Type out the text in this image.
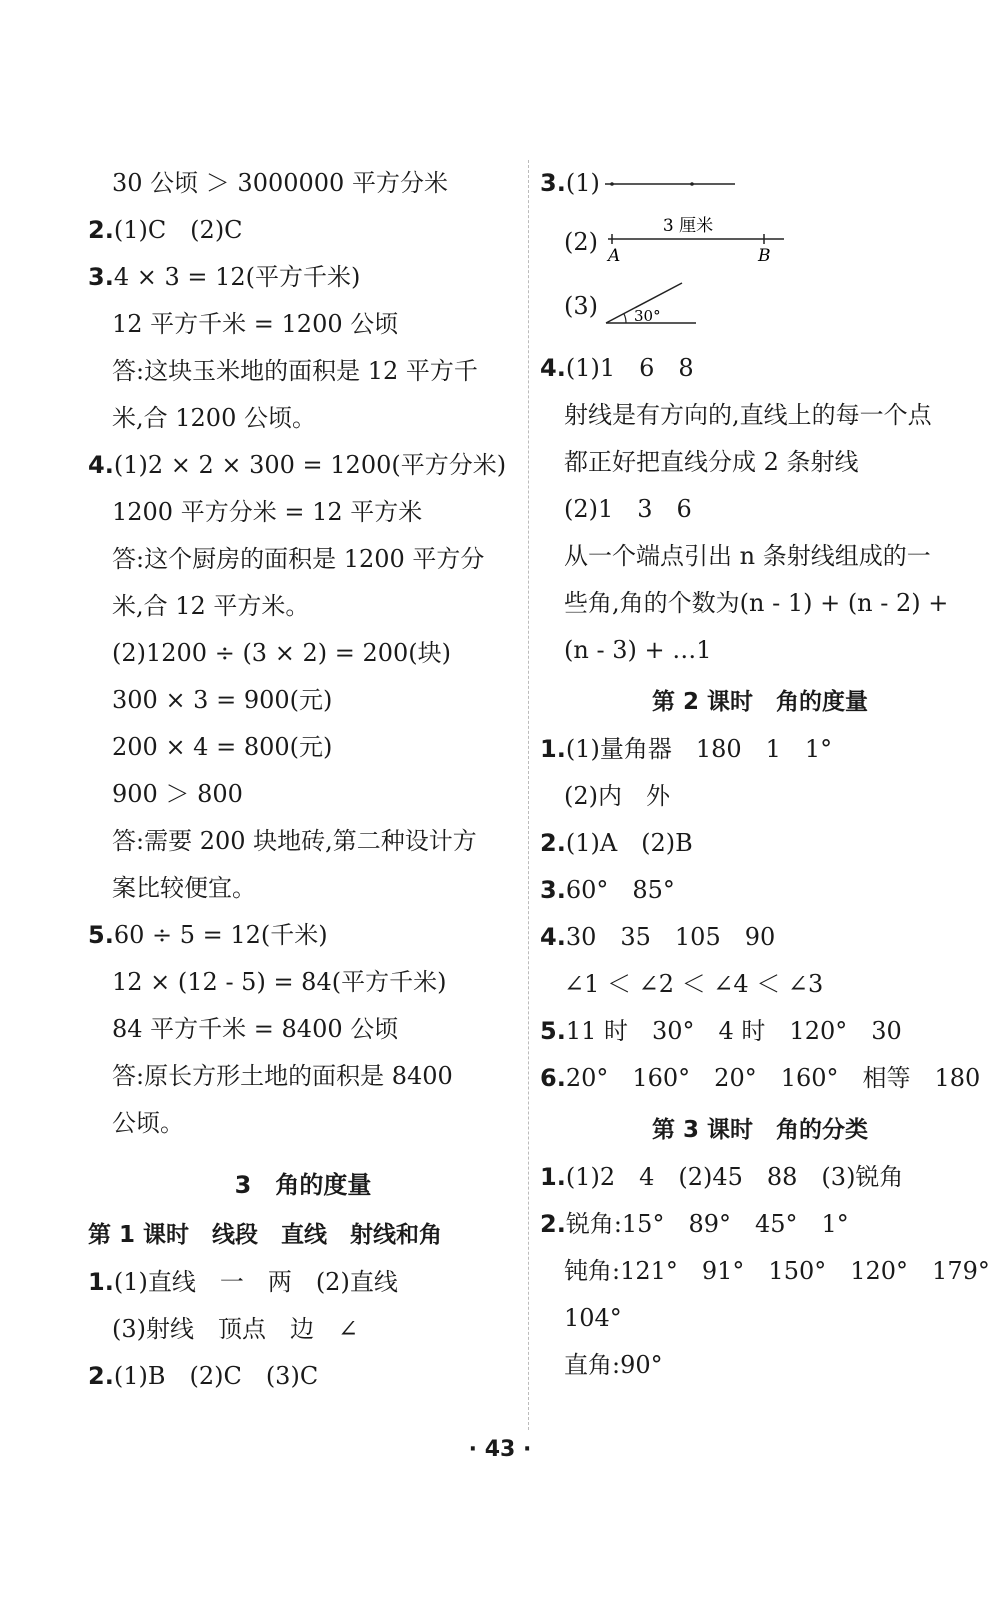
30 公顷 ＞ 3000000 平方分米
2.(1)C　(2)C
3.4 × 3 = 12(平方千米)
12 平方千米 = 1200 公顷
答:这块玉米地的面积是 12 平方千
米,合 1200 公顷。
4.(1)2 × 2 × 300 = 1200(平方分米)
1200 平方分米 = 12 平方米
答:这个厨房的面积是 1200 平方分
米,合 12 平方米。
(2)1200 ÷ (3 × 2) = 200(块)
300 × 3 = 900(元)
200 × 4 = 800(元)
900 ＞ 800
答:需要 200 块地砖,第二种设计方
案比较便宜。
5.60 ÷ 5 = 12(千米)
12 × (12 - 5) = 84(平方千米)
84 平方千米 = 8400 公顷
答:原长方形土地的面积是 8400
公顷。
3　角的度量
第 1 课时　线段　直线　射线和角
1.(1)直线　一　两　(2)直线
(3)射线　顶点　边　∠
2.(1)B　(2)C　(3)C
3.(1)
(2)
3 厘米
A	B
(3) 30°
4.(1)1　6　8
射线是有方向的,直线上的每一个点
都正好把直线分成 2 条射线
(2)1　3　6
从一个端点引出 n 条射线组成的一
些角,角的个数为(n - 1) + (n - 2) +
(n - 3) + …1
第 2 课时　角的度量
1.(1)量角器　180　1　1°
(2)内　外
2.(1)A　(2)B
3.60°　85°
4.30　35　105　90
∠1 ＜ ∠2 ＜ ∠4 ＜ ∠3
5.11 时　30°　4 时　120°　30
6.20°　160°　20°　160°　相等　180
第 3 课时　角的分类
1.(1)2　4　(2)45　88　(3)锐角
2.锐角:15°　89°　45°　1°
钝角:121°　91°　150°　120°　179°
104°
直角:90°
· 43 ·
